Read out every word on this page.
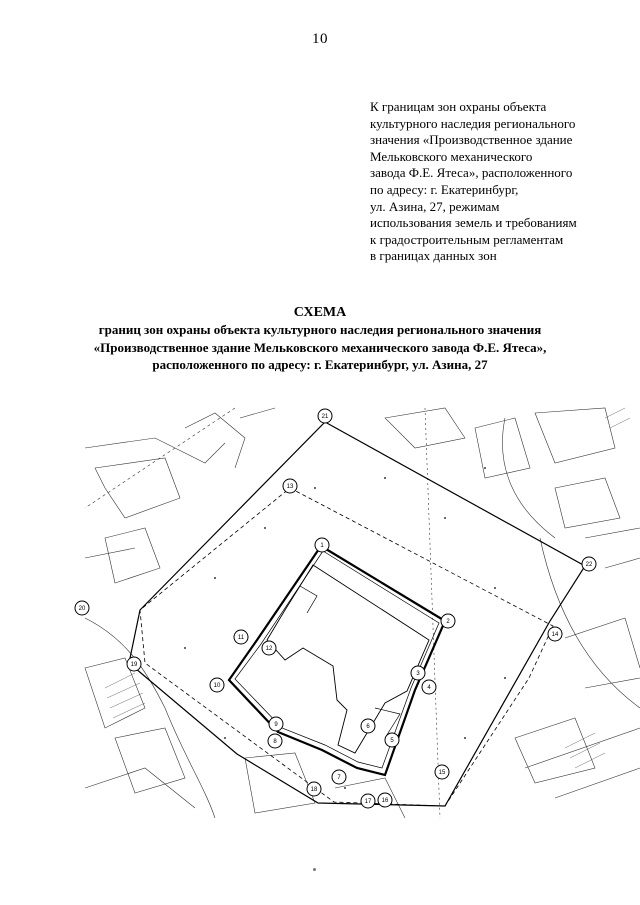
10
К границам зон охраны объекта
культурного наследия регионального
значения «Производственное здание
Мельковского механического
завода Ф.Е. Ятеса», расположенного
по адресу: г. Екатеринбург,
ул. Азина, 27, режимам
использования земель и требованиям
к градостроительным регламентам
в границах данных зон
СХЕМА
границ зон охраны объекта культурного наследия регионального значения
«Производственное здание Мельковского механического завода Ф.Е. Ятеса»,
расположенного по адресу: г. Екатеринбург, ул. Азина, 27
1
2
3
4
5
6
7
8
9
10
11
12
13
14
15
16
17
18
19
20
21
22
